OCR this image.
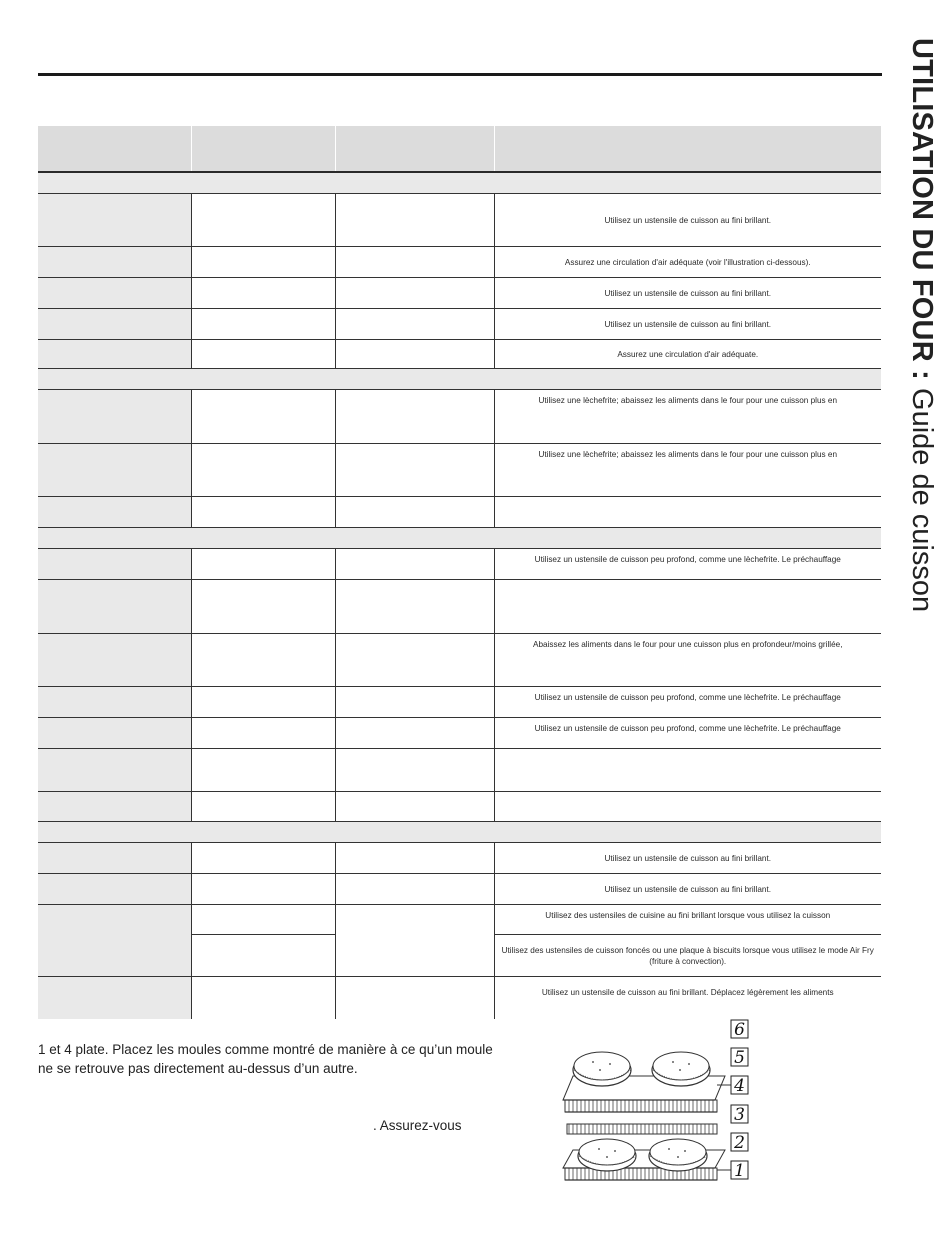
UTILISATION DU FOUR : Guide de cuisson

			Utilisez un ustensile de cuisson au fini brillant.
			Assurez une circulation d'air adéquate (voir l'illustration ci-dessous).
			Utilisez un ustensile de cuisson au fini brillant.
			Utilisez un ustensile de cuisson au fini brillant.
			Assurez une circulation d'air adéquate.

			Utilisez une lèchefrite; abaissez les aliments dans le four pour une cuisson plus en
			Utilisez une lèchefrite; abaissez les aliments dans le four pour une cuisson plus en

			Utilisez un ustensile de cuisson peu profond, comme une lèchefrite. Le préchauffage

			Abaissez les aliments dans le four pour une cuisson plus en profondeur/moins grillée,
			Utilisez un ustensile de cuisson peu profond, comme une lèchefrite. Le préchauffage
			Utilisez un ustensile de cuisson peu profond, comme une lèchefrite. Le préchauffage

			Utilisez un ustensile de cuisson au fini brillant.
			Utilisez un ustensile de cuisson au fini brillant.
			Utilisez des ustensiles de cuisine au fini brillant lorsque vous utilisez la cuisson
			Utilisez des ustensiles de cuisson foncés ou une plaque à biscuits lorsque vous utilisez le mode Air Fry (friture à convection).
			Utilisez un ustensile de cuisson au fini brillant. Déplacez légèrement les aliments
1 et 4 plate. Placez les moules comme montré de manière à ce qu’un moule ne se retrouve pas directement au-dessus d’un autre.
. Assurez-vous
6
5
4
3
2
1
